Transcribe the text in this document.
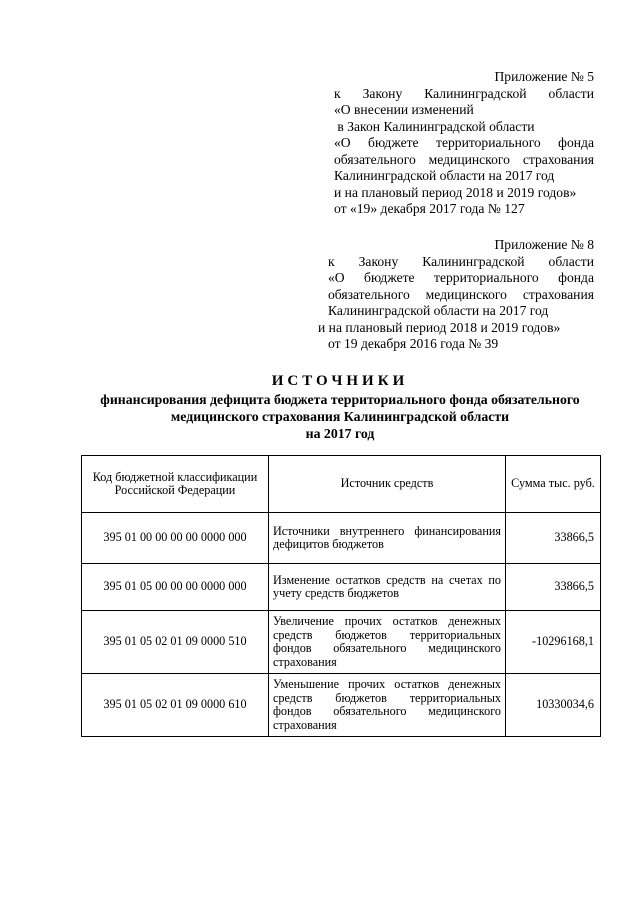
Приложение № 5
к Закону Калининградской области
«О внесении изменений
в Закон Калининградской области
«О бюджете территориального фонда
обязательного медицинского страхования
Калининградской области на 2017 год
и на плановый период 2018 и 2019 годов»
от «19» декабря 2017 года № 127
Приложение № 8
к Закону Калининградской области
«О бюджете территориального фонда
обязательного медицинского страхования
Калининградской области на 2017 год
и на плановый период 2018 и 2019 годов»
от 19 декабря 2016 года № 39
ИСТОЧНИКИ
финансирования дефицита бюджета территориального фонда обязательного
медицинского страхования Калининградской области
на 2017 год
Код бюджетной классификации Российской Федерации	Источник средств	Сумма тыс. руб.
395 01 00 00 00 00 0000 000	Источники внутреннего финансирования дефицитов бюджетов	33866,5
395 01 05 00 00 00 0000 000	Изменение остатков средств на счетах по учету средств бюджетов	33866,5
395 01 05 02 01 09 0000 510	Увеличение прочих остатков денежных средств бюджетов территориальных фондов обязательного медицинского страхования	-10296168,1
395 01 05 02 01 09 0000 610	Уменьшение прочих остатков денежных средств бюджетов территориальных фондов обязательного медицинского страхования	10330034,6
